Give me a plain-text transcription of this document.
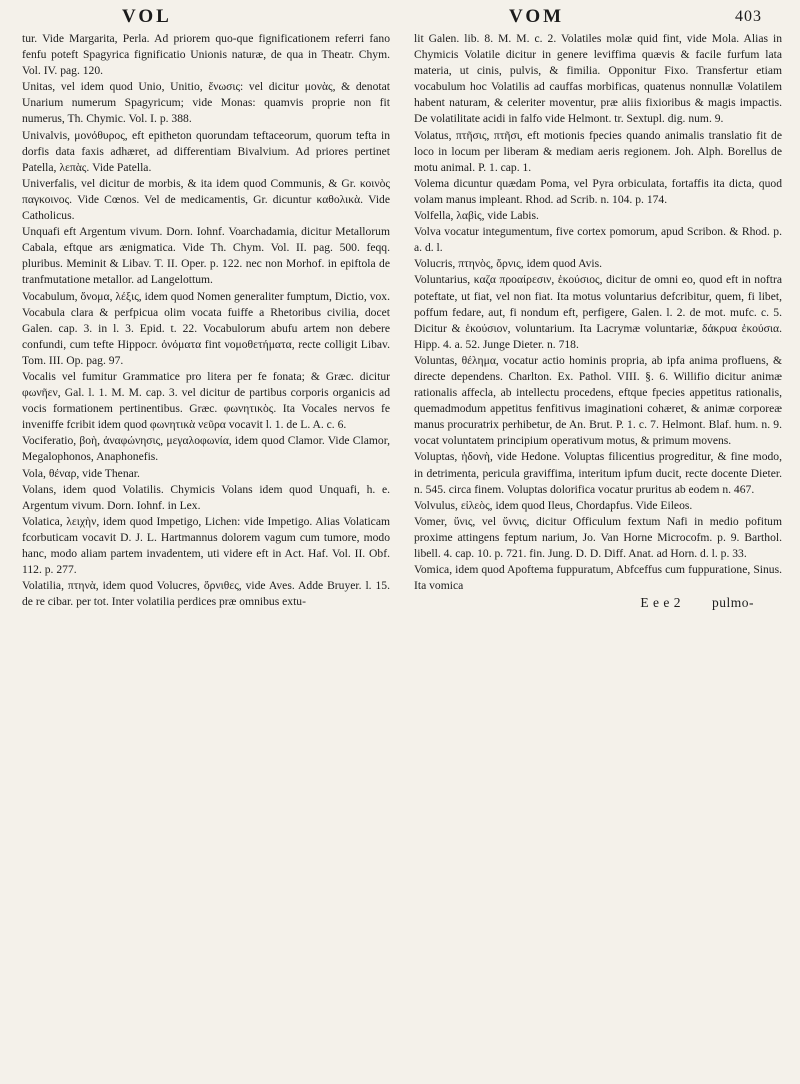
VOL	VOM	403

tur. Vide Margarita, Perla. Ad priorem quo-que fignificationem referri fano fenfu poteft Spagyrica fignificatio Unionis naturæ, de qua in Theatr. Chym. Vol. IV. pag. 120.

Unitas, vel idem quod Unio, Unitio, ἕνωσις: vel dicitur μονὰς, & denotat Unarium numerum Spagyricum; vide Monas: quamvis proprie non fit numerus, Th. Chymic. Vol. I. p. 388.

Univalvis, μονόθυρος, eft epitheton quorundam teftaceorum, quorum tefta in dorfis data faxis adhæret, ad differentiam Bivalvium. Ad priores pertinet Patella, λεπὰς. Vide Patella.

Univerfalis, vel dicitur de morbis, & ita idem quod Communis, & Gr. κοινὸς παγκοινος. Vide Cœnos. Vel de medicamentis, Gr. dicuntur καθολικὰ. Vide Catholicus.

Unquafi eft Argentum vivum. Dorn. Iohnf. Voarchadamia, dicitur Metallorum Cabala, eftque ars ænigmatica. Vide Th. Chym. Vol. II. pag. 500. feqq. pluribus. Meminit & Libav. T. II. Oper. p. 122. nec non Morhof. in epiftola de tranfmutatione metallor. ad Langelottum.

Vocabulum, ὄνομα, λέξις, idem quod Nomen generaliter fumptum, Dictio, vox. Vocabula clara & perfpicua olim vocata fuiffe a Rhetoribus civilia, docet Galen. cap. 3. in l. 3. Epid. t. 22. Vocabulorum abufu artem non debere confundi, cum tefte Hippocr. ὀνόματα fint νομοθετήματα, recte colligit Libav. Tom. III. Op. pag. 97.

Vocalis vel fumitur Grammatice pro litera per fe fonata; & Græc. dicitur φωνῆεν, Gal. l. 1. M. M. cap. 3. vel dicitur de partibus corporis organicis ad vocis formationem pertinentibus. Græc. φωνητικὸς. Ita Vocales nervos fe inveniffe fcribit idem quod φωνητικὰ νεῦρα vocavit l. 1. de L. A. c. 6.

Vociferatio, βοὴ, ἀναφώνησις, μεγαλοφωνία, idem quod Clamor. Vide Clamor, Megalophonos, Anaphonefis.

Vola, θέναρ, vide Thenar.

Volans, idem quod Volatilis. Chymicis Volans idem quod Unquafi, h. e. Argentum vivum. Dorn. Iohnf. in Lex.

Volatica, λειχὴν, idem quod Impetigo, Lichen: vide Impetigo. Alias Volaticam fcorbuticam vocavit D. J. L. Hartmannus dolorem vagum cum tumore, modo hanc, modo aliam partem invadentem, uti videre eft in Act. Haf. Vol. II. Obf. 112. p. 277.

Volatilia, πτηνὰ, idem quod Volucres, ὄρνιθες, vide Aves. Adde Bruyer. l. 15. de re cibar. per tot. Inter volatilia perdices præ omnibus extu-

lit Galen. lib. 8. M. M. c. 2. Volatiles molæ quid fint, vide Mola. Alias in Chymicis Volatile dicitur in genere leviffima quævis & facile furfum lata materia, ut cinis, pulvis, & fimilia. Opponitur Fixo. Transfertur etiam vocabulum hoc Volatilis ad cauffas morbificas, quatenus nonnullæ Volatilem habent naturam, & celeriter moventur, præ aliis fixioribus & magis impactis. De volatilitate acidi in falfo vide Helmont. tr. Sextupl. dig. num. 9.

Volatus, πτῆσις, πτῆσι, eft motionis fpecies quando animalis translatio fit de loco in locum per liberam & mediam aeris regionem. Joh. Alph. Borellus de motu animal. P. 1. cap. 1.

Volema dicuntur quædam Poma, vel Pyra orbiculata, fortaffis ita dicta, quod volam manus impleant. Rhod. ad Scrib. n. 104. p. 174.

Volfella, λαβὶς, vide Labis.

Volva vocatur integumentum, five cortex pomorum, apud Scribon. & Rhod. p. a. d. l.

Volucris, πτηνὸς, ὄρνις, idem quod Avis.

Voluntarius, καζα προαίρεσιν, ἑκούσιος, dicitur de omni eo, quod eft in noftra poteftate, ut fiat, vel non fiat. Ita motus voluntarius defcribitur, quem, fi libet, poffum fedare, aut, fi nondum eft, perfigere, Galen. l. 2. de mot. mufc. c. 5. Dicitur & ἑκούσιον, voluntarium. Ita Lacrymæ voluntariæ, δάκρυα ἑκούσια. Hipp. 4. a. 52. Junge Dieter. n. 718.

Voluntas, θέλημα, vocatur actio hominis propria, ab ipfa anima profluens, & directe dependens. Charlton. Ex. Pathol. VIII. §. 6. Willifio dicitur animæ rationalis affecla, ab intellectu procedens, eftque fpecies appetitus rationalis, quemadmodum appetitus fenfitivus imaginationi cohæret, & animæ corporeæ manus procuratrix perhibetur, de An. Brut. P. 1. c. 7. Helmont. Blaf. hum. n. 9. vocat voluntatem principium operativum motus, & primum movens.

Voluptas, ἡδονὴ, vide Hedone. Voluptas filicentius progreditur, & fine modo, in detrimenta, pericula graviffima, interitum ipfum ducit, recte docente Dieter. n. 545. circa finem. Voluptas dolorifica vocatur pruritus ab eodem n. 467.

Volvulus, εἰλεὸς, idem quod Ileus, Chordapfus. Vide Eileos.

Vomer, ὕνις, vel ὕννις, dicitur Officulum fextum Nafi in medio pofitum proxime attingens feptum narium, Jo. Van Horne Microcofm. p. 9. Barthol. libell. 4. cap. 10. p. 721. fin. Jung. D. D. Diff. Anat. ad Horn. d. l. p. 33.

Vomica, idem quod Apoftema fuppuratum, Abfceffus cum fuppuratione, Sinus. Ita vomica

E e e 2 pulmo-
